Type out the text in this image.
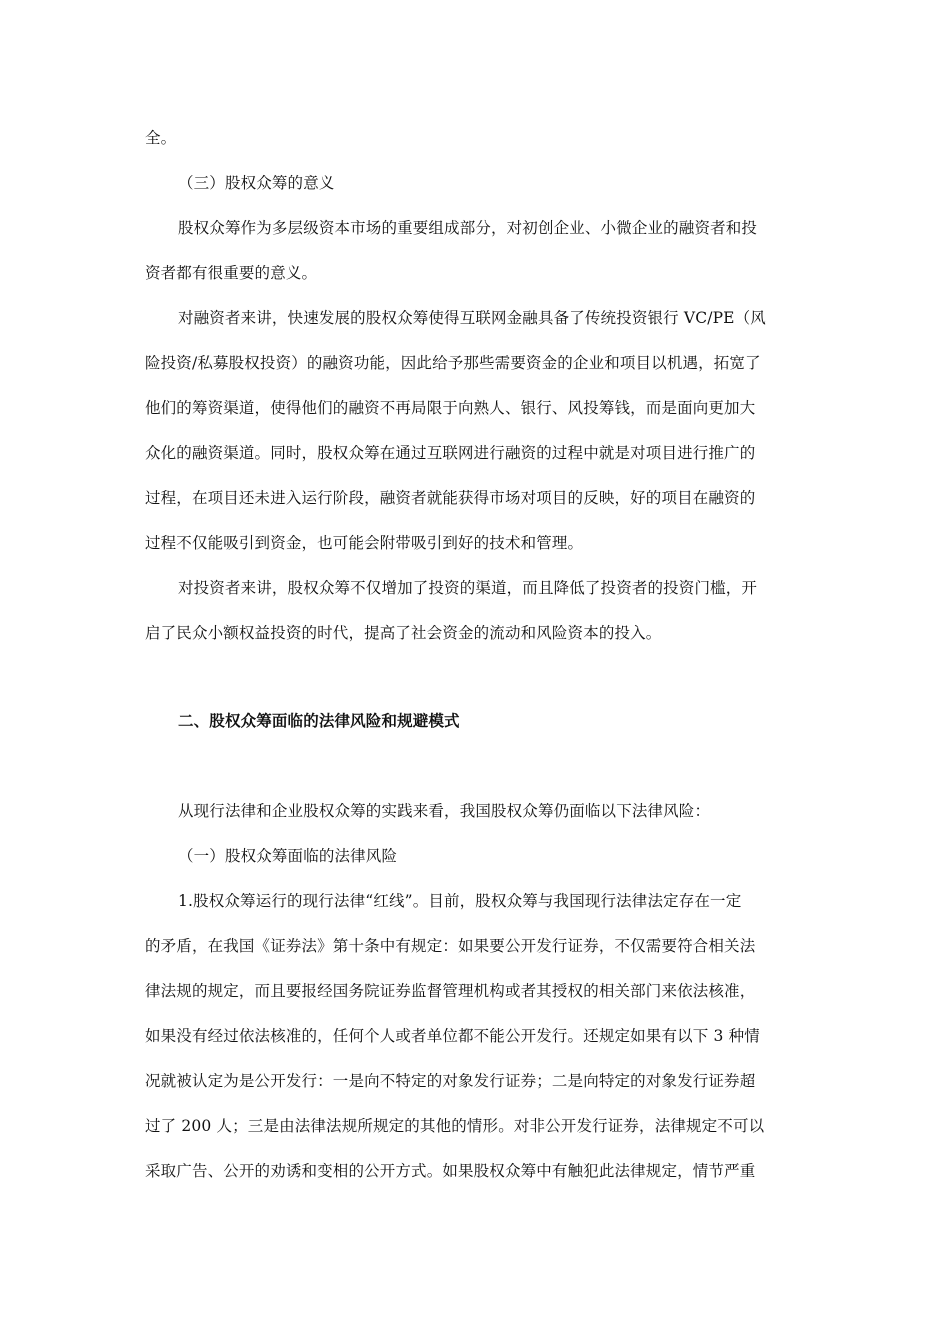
全。
（三）股权众筹的意义
股权众筹作为多层级资本市场的重要组成部分，对初创企业、小微企业的融资者和投
资者都有很重要的意义。
对融资者来讲，快速发展的股权众筹使得互联网金融具备了传统投资银行 VC/PE（风
险投资/私募股权投资）的融资功能，因此给予那些需要资金的企业和项目以机遇，拓宽了
他们的筹资渠道，使得他们的融资不再局限于向熟人、银行、风投筹钱，而是面向更加大
众化的融资渠道。同时，股权众筹在通过互联网进行融资的过程中就是对项目进行推广的
过程，在项目还未进入运行阶段，融资者就能获得市场对项目的反映，好的项目在融资的
过程不仅能吸引到资金，也可能会附带吸引到好的技术和管理。
对投资者来讲，股权众筹不仅增加了投资的渠道，而且降低了投资者的投资门槛，开
启了民众小额权益投资的时代，提高了社会资金的流动和风险资本的投入。
二、股权众筹面临的法律风险和规避模式
从现行法律和企业股权众筹的实践来看，我国股权众筹仍面临以下法律风险：
（一）股权众筹面临的法律风险
1.股权众筹运行的现行法律“红线”。目前，股权众筹与我国现行法律法定存在一定
的矛盾，在我国《证券法》第十条中有规定：如果要公开发行证券，不仅需要符合相关法
律法规的规定，而且要报经国务院证券监督管理机构或者其授权的相关部门来依法核准，
如果没有经过依法核准的，任何个人或者单位都不能公开发行。还规定如果有以下 3 种情
况就被认定为是公开发行：一是向不特定的对象发行证券；二是向特定的对象发行证券超
过了 200 人；三是由法律法规所规定的其他的情形。对非公开发行证券，法律规定不可以
采取广告、公开的劝诱和变相的公开方式。如果股权众筹中有触犯此法律规定，情节严重
